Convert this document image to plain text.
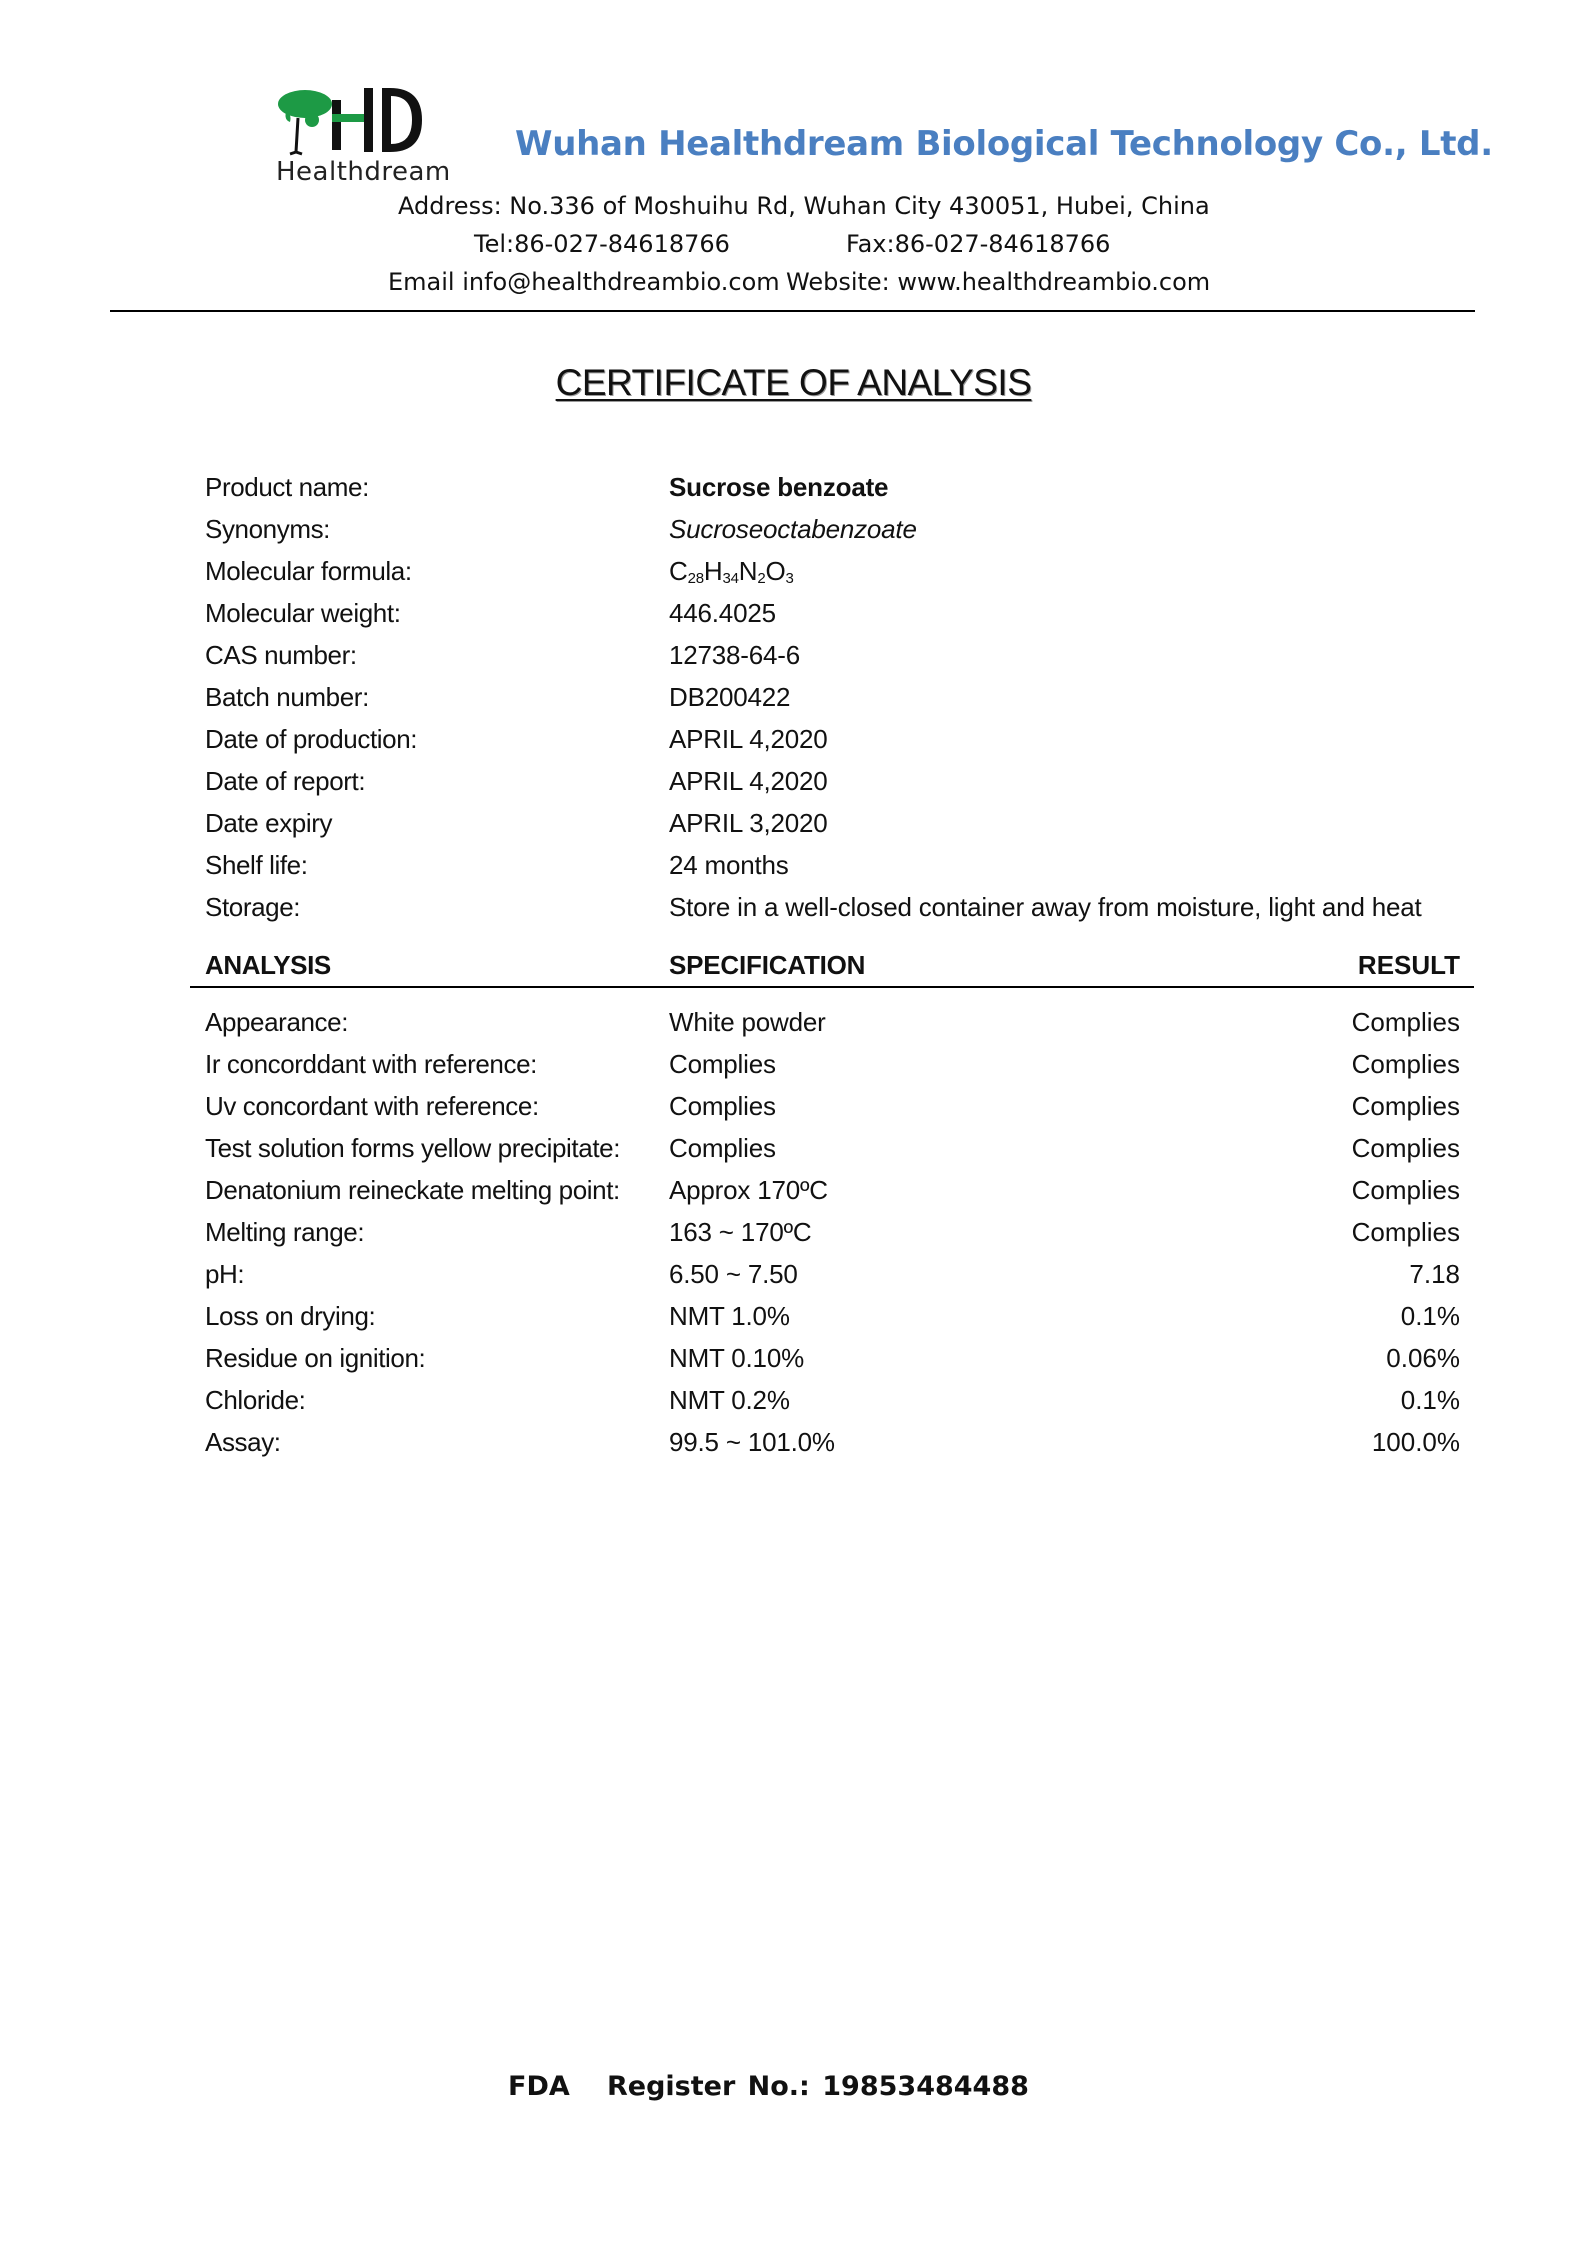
Healthdream
Wuhan Healthdream Biological Technology Co., Ltd.
Address: No.336 of Moshuihu Rd, Wuhan City 430051, Hubei, China
Tel:86-027-84618766	Fax:86-027-84618766
Email info@healthdreambio.com Website: www.healthdreambio.com
CERTIFICATE OF ANALYSIS
Product name:	Sucrose benzoate
Synonyms:	Sucroseoctabenzoate
Molecular formula:	$C_{28}H_{34}N_2O_3$
Molecular weight:	446.4025
CAS number:	12738-64-6
Batch number:	DB200422
Date of production:	APRIL 4,2020
Date of report:	APRIL 4,2020
Date expiry	APRIL 3,2020
Shelf life:	24 months
Storage:	Store in a well-closed container away from moisture, light and heat
ANALYSIS	SPECIFICATION	RESULT
Appearance:	White powder	Complies
Ir concorddant with reference:	Complies	Complies
Uv concordant with reference:	Complies	Complies
Test solution forms yellow precipitate: Complies	Complies
Denatonium reineckate melting point: Approx 170ºC	Complies
Melting range:	163 ~ 170ºC	Complies
pH:	6.50 ~ 7.50	7.18
Loss on drying:	NMT 1.0%	0.1%
Residue on ignition:	NMT 0.10%	0.06%
Chloride:	NMT 0.2%	0.1%
Assay:	99.5 ~ 101.0%	100.0%
FDA Register No.: 19853484488
